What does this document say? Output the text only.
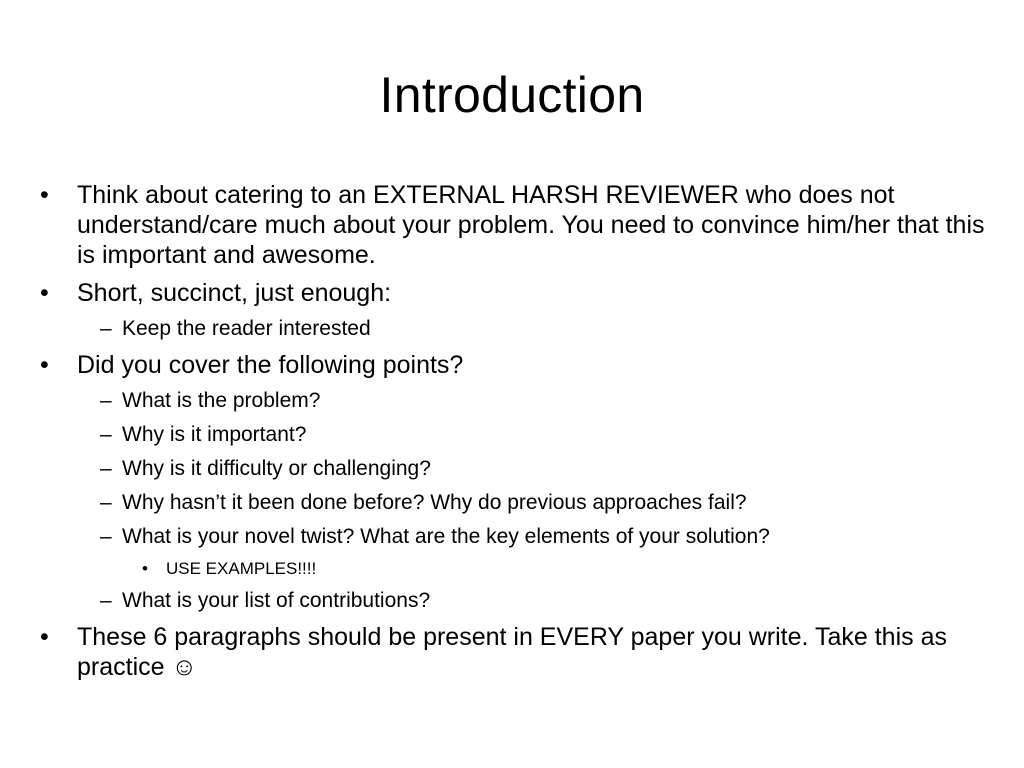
Introduction
•	Think about catering to an EXTERNAL HARSH REVIEWER who does not understand/care much about your problem. You need to convince him/her that this is important and awesome.
•	Short, succinct, just enough:
– Keep the reader interested
•	Did you cover the following points?
– What is the problem?
– Why is it important?
– Why is it difficulty or challenging?
– Why hasn’t it been done before? Why do previous approaches fail?
– What is your novel twist? What are the key elements of your solution?
•	USE EXAMPLES!!!!
– What is your list of contributions?
•	These 6 paragraphs should be present in EVERY paper you write. Take this as practice ☺
